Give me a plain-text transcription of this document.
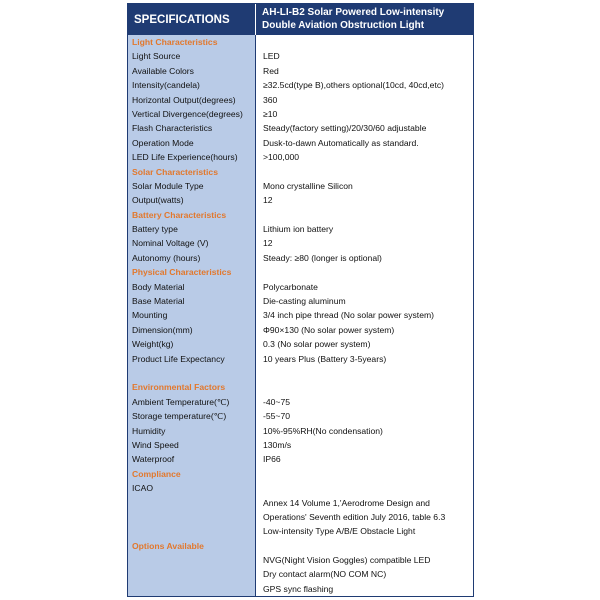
SPECIFICATIONS
AH-LI-B2 Solar Powered Low-intensity
Double Aviation Obstruction Light
Light Characteristics
Light Source
Available Colors
Intensity(candela)
Horizontal Output(degrees)
Vertical Divergence(degrees)
Flash Characteristics
Operation Mode
LED Life Experience(hours)
Solar Characteristics
Solar Module Type
Output(watts)
Battery Characteristics
Battery type
Nominal Voltage (V)
Autonomy (hours)
Physical Characteristics
Body Material
Base Material
Mounting
Dimension(mm)
Weight(kg)
Product Life Expectancy
Environmental Factors
Ambient Temperature(℃)
Storage temperature(℃)
Humidity
Wind Speed
Waterproof
Compliance
ICAO
Options Available
LED
Red
≥32.5cd(type B),others optional(10cd, 40cd,etc)
360
≥10
Steady(factory setting)/20/30/60 adjustable
Dusk-to-dawn Automatically as standard.
>100,000
Mono crystalline Silicon
12
Lithium ion battery
12
Steady: ≥80 (longer is optional)
Polycarbonate
Die-casting aluminum
3/4 inch pipe thread (No solar power system)
Φ90×130 (No solar power system)
0.3 (No solar power system)
10 years Plus (Battery 3-5years)
-40~75
-55~70
10%-95%RH(No condensation)
130m/s
IP66
Annex 14 Volume 1,'Aerodrome Design and
Operations' Seventh edition July 2016, table 6.3
Low-intensity Type A/B/E Obstacle Light
NVG(Night Vision Goggles) compatible LED
Dry contact alarm(NO COM NC)
GPS sync flashing
